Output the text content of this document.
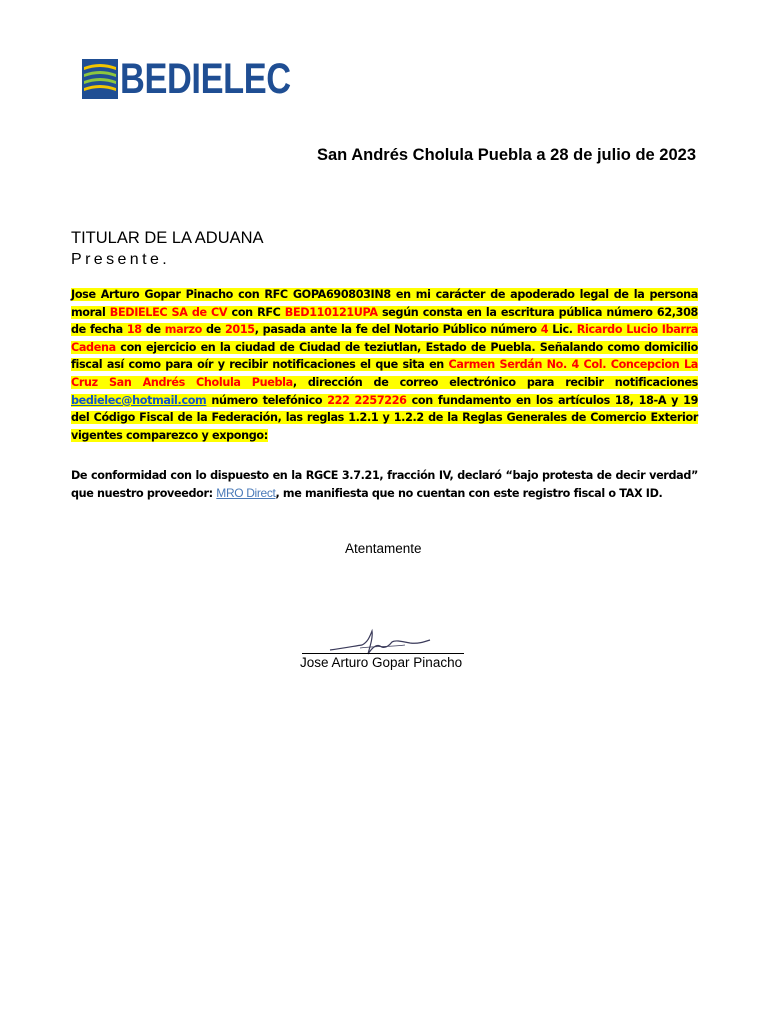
BEDIELEC
San Andrés Cholula Puebla a 28 de julio de 2023
TITULAR DE LA ADUANA
Presente.
Jose Arturo Gopar Pinacho con RFC GOPA690803IN8 en mi carácter de apoderado legal de la persona moral BEDIELEC SA de CV con RFC BED110121UPA según consta en la escritura pública número 62,308 de fecha 18 de marzo de 2015, pasada ante la fe del Notario Público número 4 Lic. Ricardo Lucio Ibarra Cadena con ejercicio en la ciudad de Ciudad de teziutlan, Estado de Puebla. Señalando como domicilio fiscal así como para oír y recibir notificaciones el que sita en Carmen Serdán No. 4 Col. Concepcion La Cruz San Andrés Cholula Puebla, dirección de correo electrónico para recibir notificaciones bedielec@hotmail.com número telefónico 222 2257226 con fundamento en los artículos 18, 18-A y 19 del Código Fiscal de la Federación, las reglas 1.2.1 y 1.2.2 de la Reglas Generales de Comercio Exterior vigentes comparezco y expongo:
De conformidad con lo dispuesto en la RGCE 3.7.21, fracción IV, declaró “bajo protesta de decir verdad” que nuestro proveedor: MRO Direct, me manifiesta que no cuentan con este registro fiscal o TAX ID.
Atentamente
Jose Arturo Gopar Pinacho
